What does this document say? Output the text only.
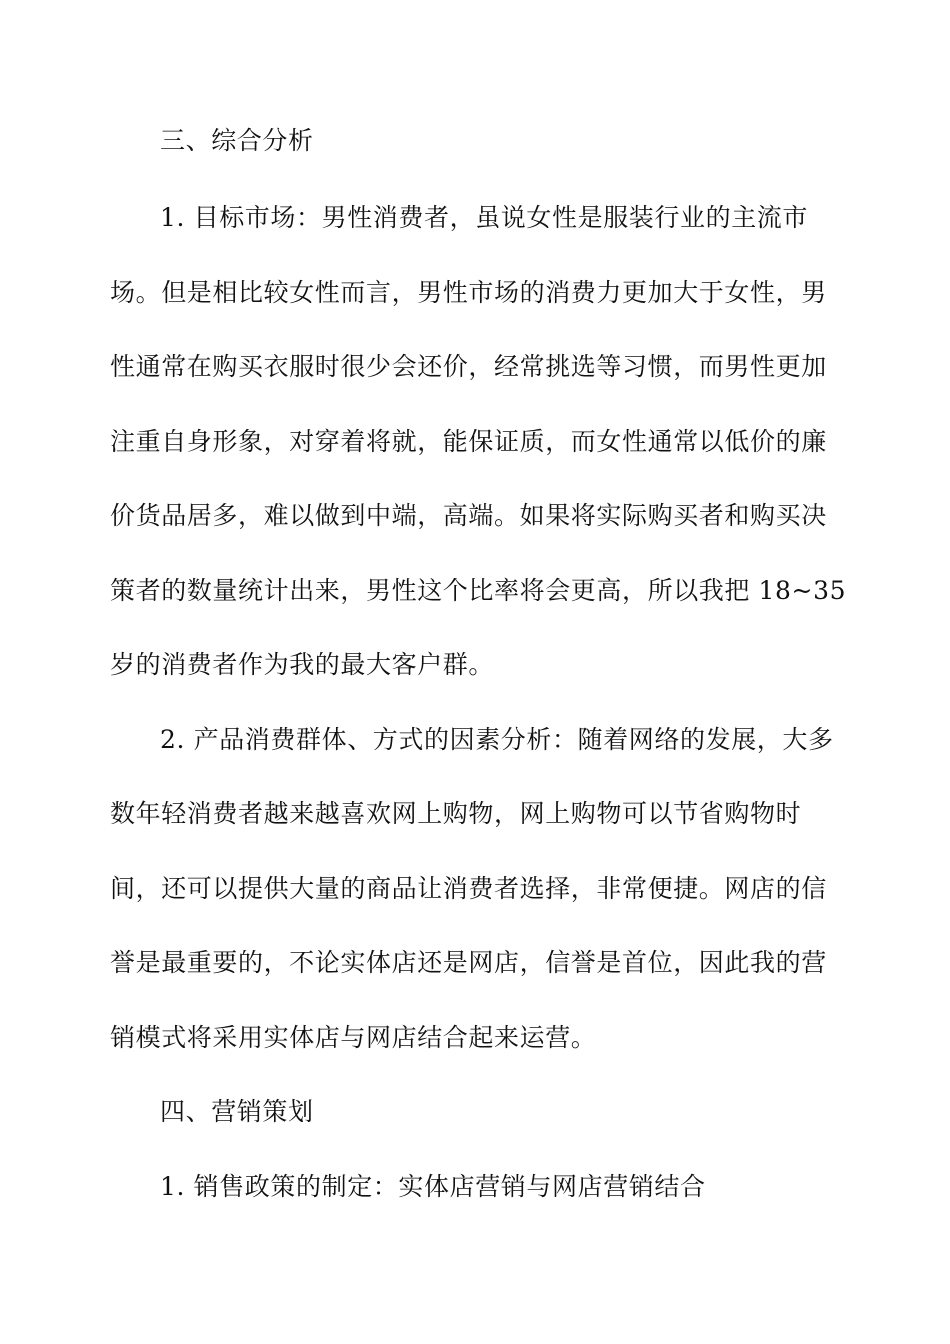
三、综合分析
1. 目标市场：男性消费者，虽说女性是服装行业的主流市
场。但是相比较女性而言，男性市场的消费力更加大于女性，男
性通常在购买衣服时很少会还价，经常挑选等习惯，而男性更加
注重自身形象，对穿着将就，能保证质，而女性通常以低价的廉
价货品居多，难以做到中端，高端。如果将实际购买者和购买决
策者的数量统计出来，男性这个比率将会更高，所以我把 18~35
岁的消费者作为我的最大客户群。
2. 产品消费群体、方式的因素分析：随着网络的发展，大多
数年轻消费者越来越喜欢网上购物，网上购物可以节省购物时
间，还可以提供大量的商品让消费者选择，非常便捷。网店的信
誉是最重要的，不论实体店还是网店，信誉是首位，因此我的营
销模式将采用实体店与网店结合起来运营。
四、营销策划
1. 销售政策的制定：实体店营销与网店营销结合
